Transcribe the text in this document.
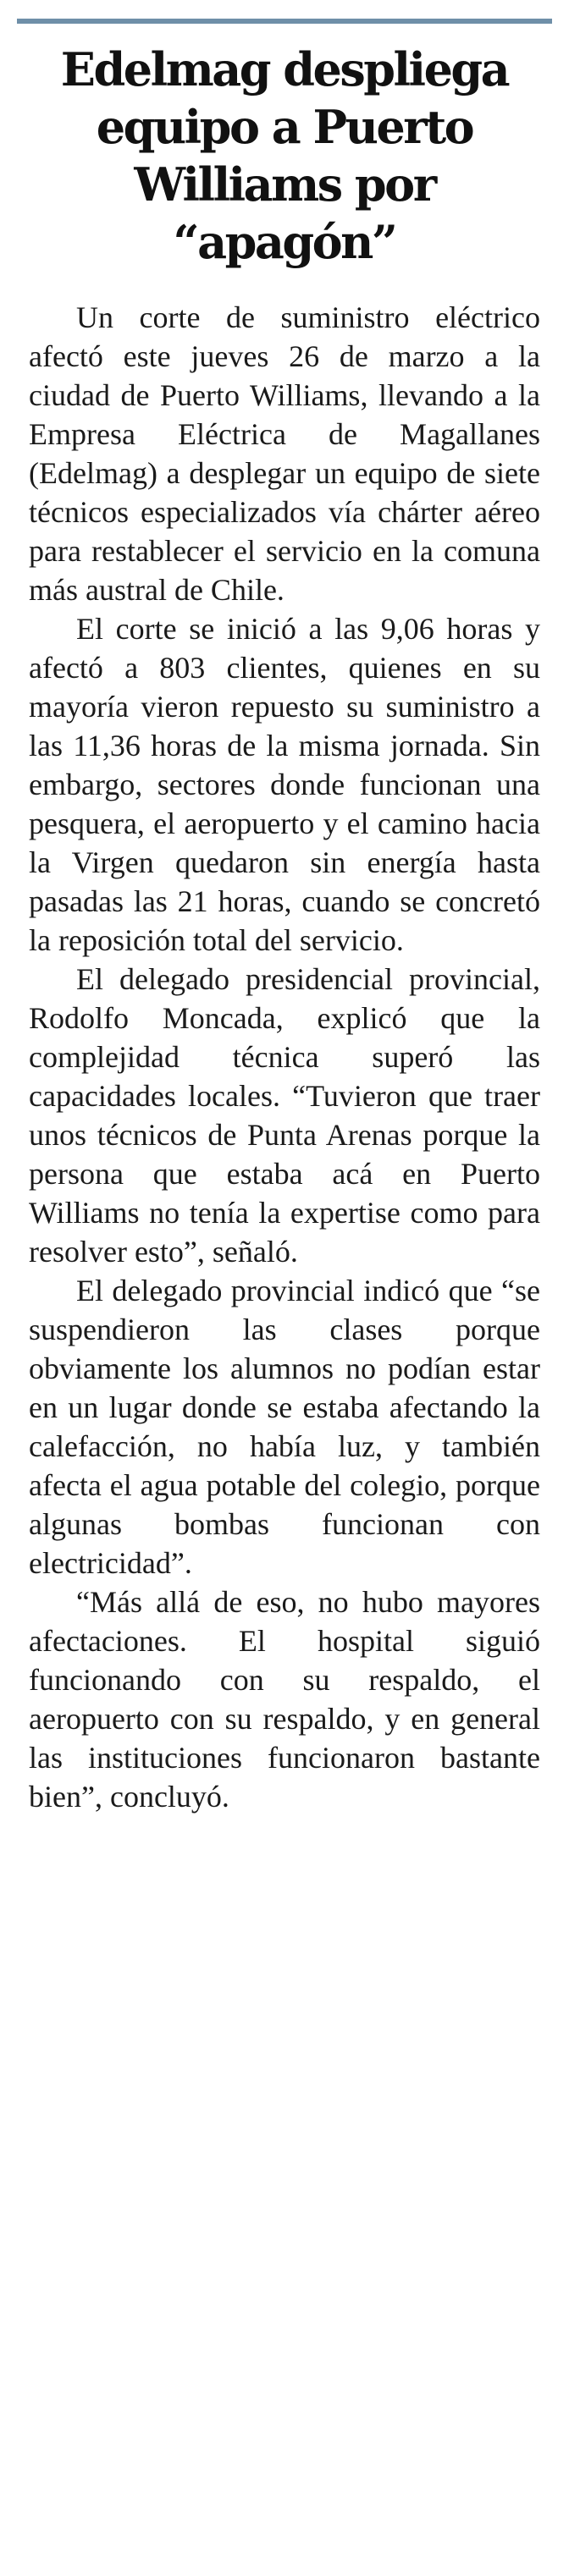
Edelmag despliega equipo a Puerto Williams por “apagón”

Un corte de suministro eléctrico afectó este jueves 26 de marzo a la ciudad de Puerto Williams, llevando a la Empresa Eléctrica de Magallanes (Edelmag) a desplegar un equipo de siete técnicos especializados vía chárter aéreo para restablecer el servicio en la comuna más austral de Chile.

El corte se inició a las 9,06 horas y afectó a 803 clientes, quienes en su mayoría vieron repuesto su suministro a las 11,36 horas de la misma jornada. Sin embargo, sectores donde funcionan una pesquera, el aeropuerto y el camino hacia la Virgen quedaron sin energía hasta pasadas las 21 horas, cuando se concretó la reposición total del servicio.

El delegado presidencial provincial, Rodolfo Moncada, explicó que la complejidad técnica superó las capacidades locales. “Tuvieron que traer unos técnicos de Punta Arenas porque la persona que estaba acá en Puerto Williams no tenía la expertise como para resolver esto”, señaló.

El delegado provincial indicó que “se suspendieron las clases porque obviamente los alumnos no podían estar en un lugar donde se estaba afectando la calefacción, no había luz, y también afecta el agua potable del colegio, porque algunas bombas funcionan con electricidad”.

“Más allá de eso, no hubo mayores afectaciones. El hospital siguió funcionando con su respaldo, el aeropuerto con su respaldo, y en general las instituciones funcionaron bastante bien”, concluyó.
